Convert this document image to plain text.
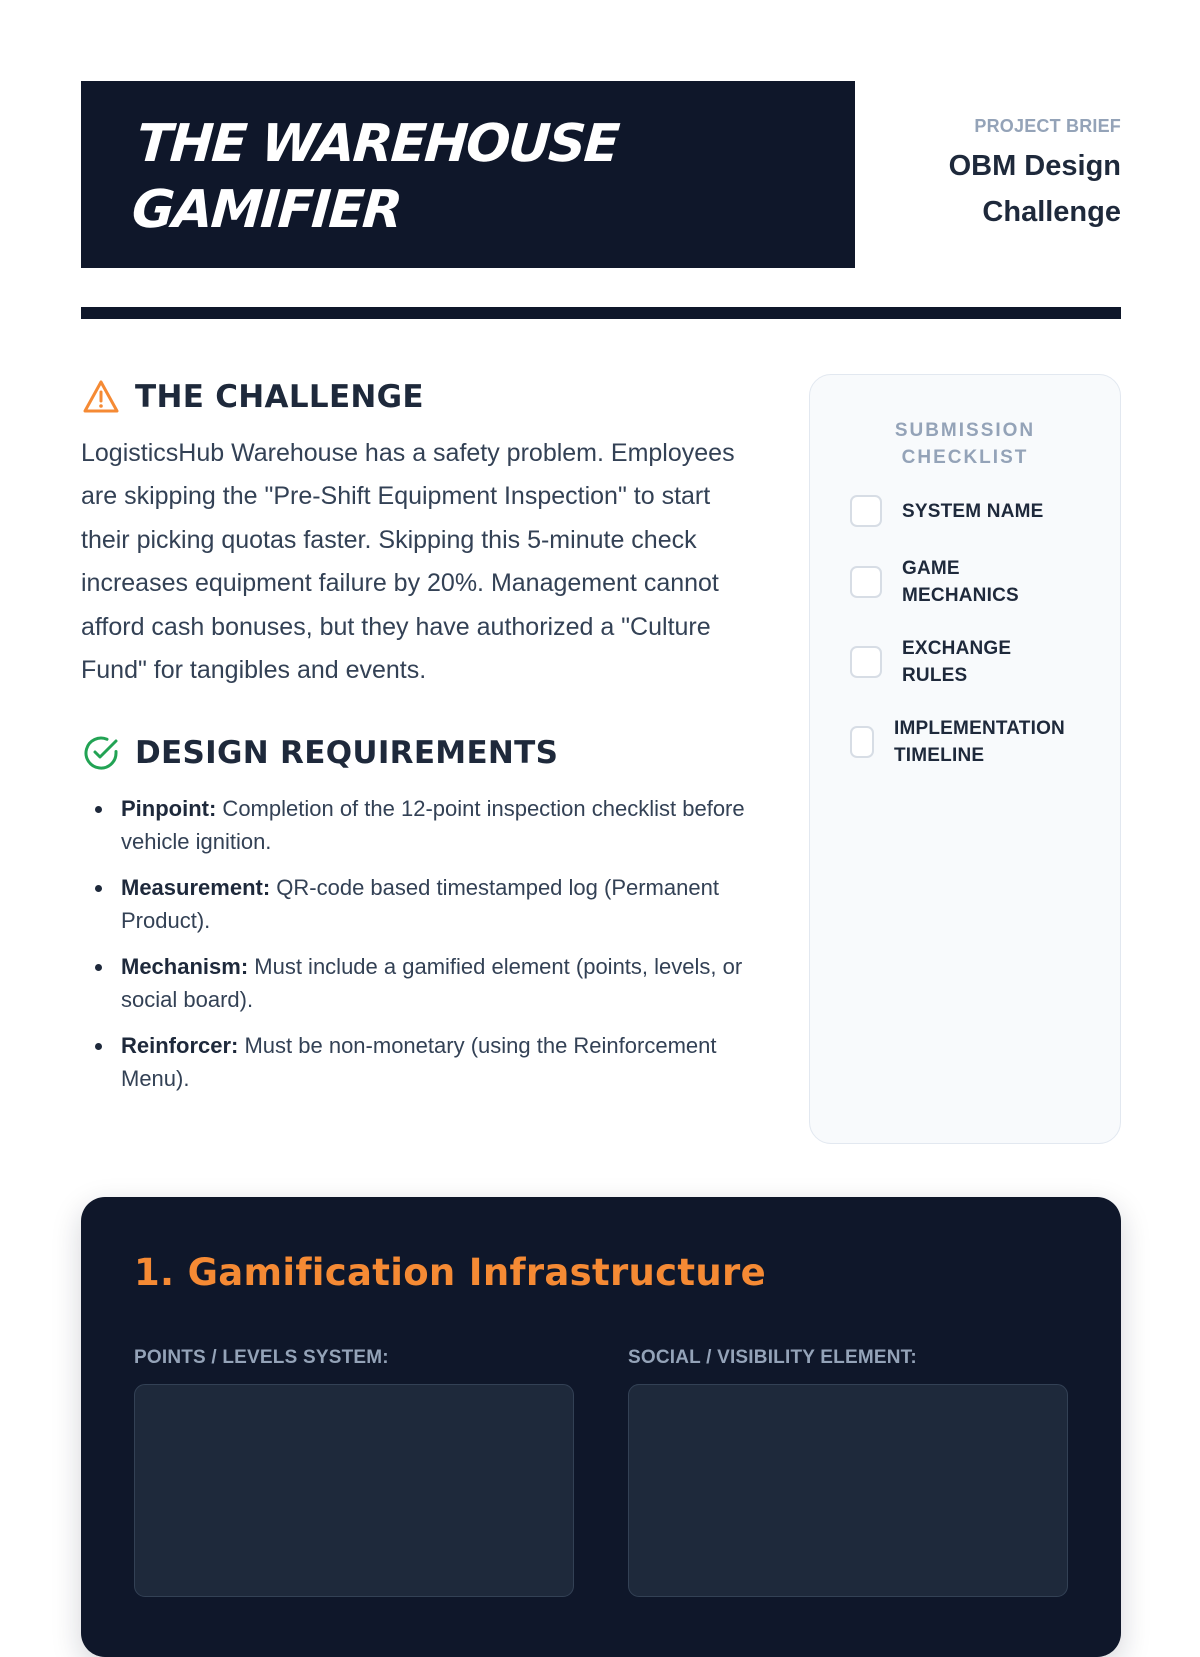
THE WAREHOUSE
GAMIFIER
PROJECT BRIEF
OBM Design
Challenge
THE CHALLENGE

LogisticsHub Warehouse has a safety problem. Employees are skipping the "Pre-Shift Equipment Inspection" to start their picking quotas faster. Skipping this 5-minute check increases equipment failure by 20%. Management cannot afford cash bonuses, but they have authorized a "Culture Fund" for tangibles and events.

DESIGN REQUIREMENTS
Pinpoint: Completion of the 12-point inspection checklist before vehicle ignition.
Measurement: QR-code based timestamped log (Permanent Product).
Mechanism: Must include a gamified element (points, levels, or social board).
Reinforcer: Must be non-monetary (using the Reinforcement Menu).
SUBMISSION
CHECKLIST
SYSTEM NAME
GAME
MECHANICS
EXCHANGE
RULES
IMPLEMENTATION
TIMELINE
1. Gamification Infrastructure
POINTS / LEVELS SYSTEM:	SOCIAL / VISIBILITY ELEMENT:
